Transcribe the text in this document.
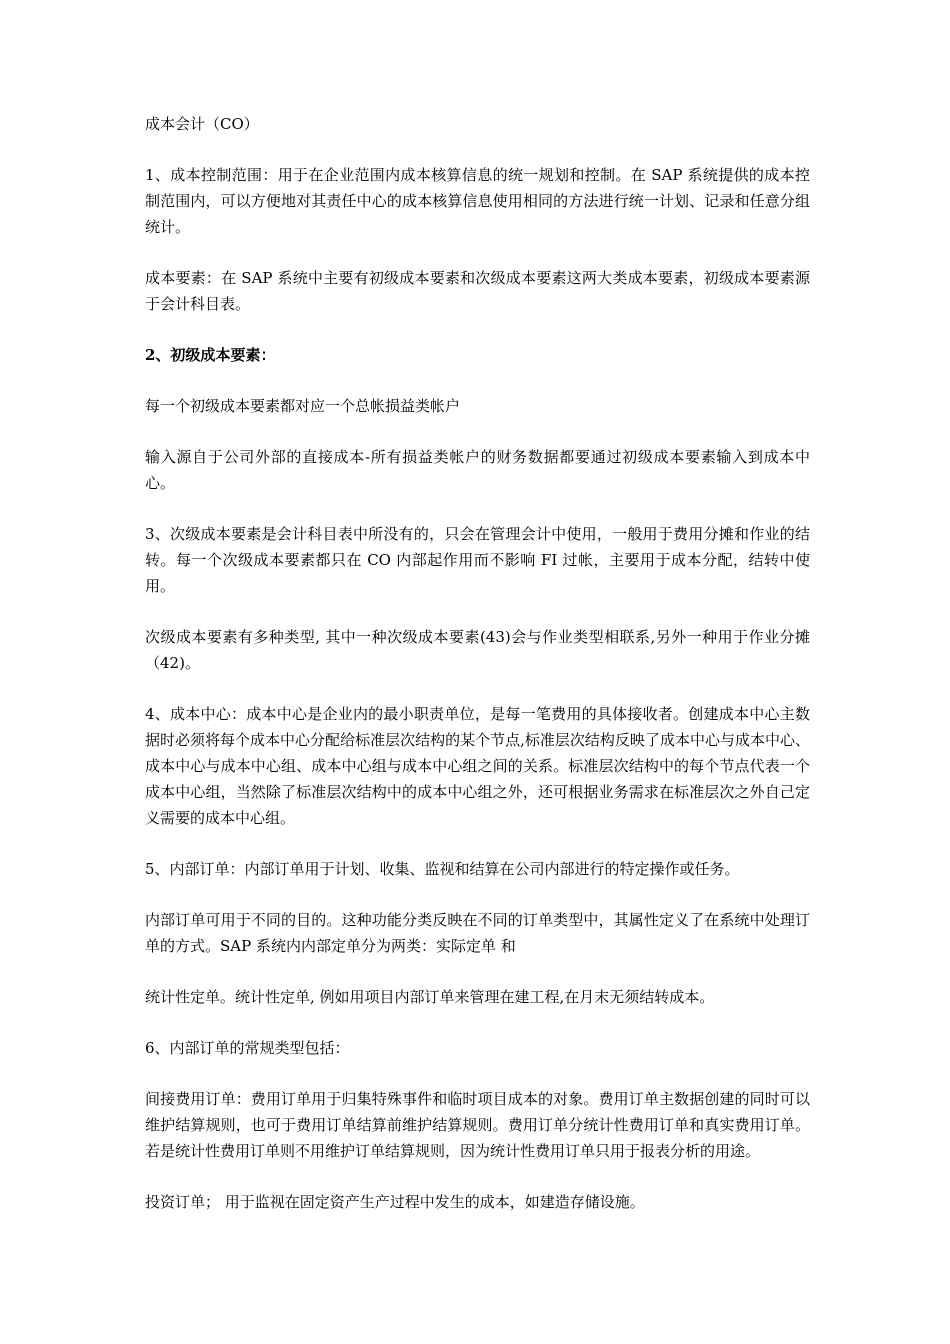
成本会计（CO）

1、成本控制范围：用于在企业范围内成本核算信息的统一规划和控制。在 SAP 系统提供的成本控制范围内，可以方便地对其责任中心的成本核算信息使用相同的方法进行统一计划、记录和任意分组统计。

成本要素：在 SAP 系统中主要有初级成本要素和次级成本要素这两大类成本要素，初级成本要素源于会计科目表。

2、初级成本要素：

每一个初级成本要素都对应一个总帐损益类帐户

输入源自于公司外部的直接成本-所有损益类帐户的财务数据都要通过初级成本要素输入到成本中心。

3、次级成本要素是会计科目表中所没有的，只会在管理会计中使用，一般用于费用分摊和作业的结转。每一个次级成本要素都只在 CO 内部起作用而不影响 FI 过帐，主要用于成本分配，结转中使用。

次级成本要素有多种类型, 其中一种次级成本要素(43)会与作业类型相联系,另外一种用于作业分摊（42)。

4、成本中心：成本中心是企业内的最小职责单位，是每一笔费用的具体接收者。创建成本中心主数据时必须将每个成本中心分配给标准层次结构的某个节点,标准层次结构反映了成本中心与成本中心、成本中心与成本中心组、成本中心组与成本中心组之间的关系。标准层次结构中的每个节点代表一个成本中心组，当然除了标准层次结构中的成本中心组之外，还可根据业务需求在标准层次之外自己定义需要的成本中心组。

5、内部订单：内部订单用于计划、收集、监视和结算在公司内部进行的特定操作或任务。

内部订单可用于不同的目的。这种功能分类反映在不同的订单类型中，其属性定义了在系统中处理订单的方式。SAP 系统内内部定单分为两类：实际定单 和

统计性定单。统计性定单, 例如用项目内部订单来管理在建工程,在月末无须结转成本。

6、内部订单的常规类型包括：

间接费用订单：费用订单用于归集特殊事件和临时项目成本的对象。费用订单主数据创建的同时可以维护结算规则，也可于费用订单结算前维护结算规则。费用订单分统计性费用订单和真实费用订单。若是统计性费用订单则不用维护订单结算规则，因为统计性费用订单只用于报表分析的用途。

投资订单； 用于监视在固定资产生产过程中发生的成本，如建造存储设施。
